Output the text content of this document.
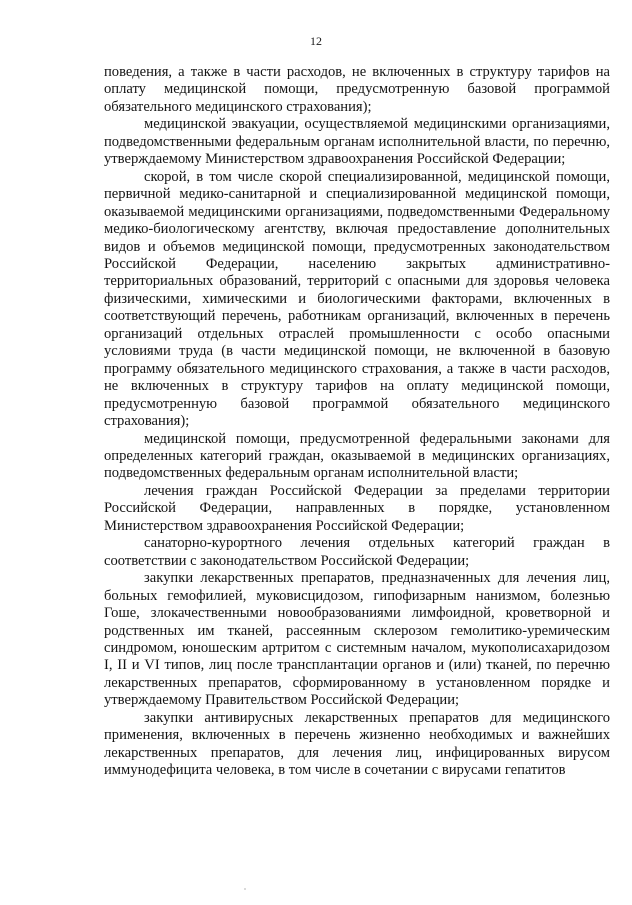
12

поведения, а также в части расходов, не включенных в структуру тарифов на оплату медицинской помощи, предусмотренную базовой программой обязательного медицинского страхования);

медицинской эвакуации, осуществляемой медицинскими организациями, подведомственными федеральным органам исполнительной власти, по перечню, утверждаемому Министерством здравоохранения Российской Федерации;

скорой, в том числе скорой специализированной, медицинской помощи, первичной медико-санитарной и специализированной медицинской помощи, оказываемой медицинскими организациями, подведомственными Федеральному медико-биологическому агентству, включая предоставление дополнительных видов и объемов медицинской помощи, предусмотренных законодательством Российской Федерации, населению закрытых административно-территориальных образований, территорий с опасными для здоровья человека физическими, химическими и биологическими факторами, включенных в соответствующий перечень, работникам организаций, включенных в перечень организаций отдельных отраслей промышленности с особо опасными условиями труда (в части медицинской помощи, не включенной в базовую программу обязательного медицинского страхования, а также в части расходов, не включенных в структуру тарифов на оплату медицинской помощи, предусмотренную базовой программой обязательного медицинского страхования);

медицинской помощи, предусмотренной федеральными законами для определенных категорий граждан, оказываемой в медицинских организациях, подведомственных федеральным органам исполнительной власти;

лечения граждан Российской Федерации за пределами территории Российской Федерации, направленных в порядке, установленном Министерством здравоохранения Российской Федерации;

санаторно-курортного лечения отдельных категорий граждан в соответствии с законодательством Российской Федерации;

закупки лекарственных препаратов, предназначенных для лечения лиц, больных гемофилией, муковисцидозом, гипофизарным нанизмом, болезнью Гоше, злокачественными новообразованиями лимфоидной, кроветворной и родственных им тканей, рассеянным склерозом гемолитико-уремическим синдромом, юношеским артритом с системным началом, мукополисахаридозом I, II и VI типов, лиц после трансплантации органов и (или) тканей, по перечню лекарственных препаратов, сформированному в установленном порядке и утверждаемому Правительством Российской Федерации;

закупки антивирусных лекарственных препаратов для медицинского применения, включенных в перечень жизненно необходимых и важнейших лекарственных препаратов, для лечения лиц, инфицированных вирусом иммунодефицита человека, в том числе в сочетании с вирусами гепатитов
